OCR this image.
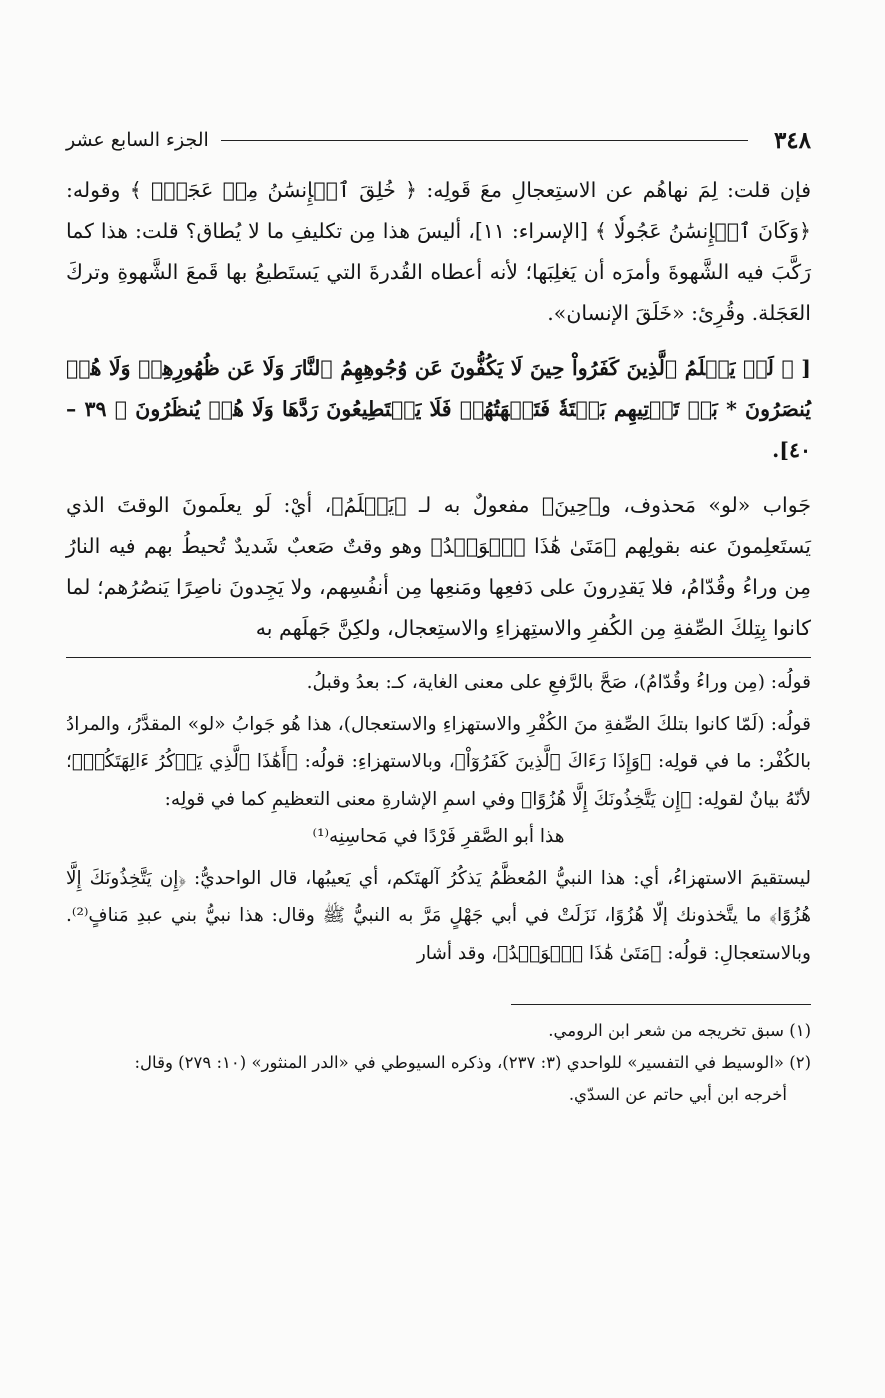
٣٤٨
الجزء السابع عشر

فإن قلت: لِمَ نهاهُم عن الاستِعجالِ معَ قَولِه: ﴿ خُلِقَ ٱلۡإِنسَٰنُ مِنۡ عَجَلٍۚ ﴾ وقوله: ﴿وَكَانَ ٱلۡإِنسَٰنُ عَجُولٗا ﴾ [الإسراء: ١١]، أليسَ هذا مِن تكليفِ ما لا يُطاق؟ قلت: هذا كما رَكَّبَ فيه الشَّهوةَ وأمرَه أن يَغلِبَها؛ لأنه أعطاه القُدرةَ التي يَستَطيعُ بها قَمعَ الشَّهوةِ وتركَ العَجَلة. وقُرِئ: «خَلَقَ الإنسان».

[ ﴿ لَوۡ يَعۡلَمُ ٱلَّذِينَ كَفَرُواْ حِينَ لَا يَكُفُّونَ عَن وُجُوهِهِمُ ٱلنَّارَ وَلَا عَن ظُهُورِهِمۡ وَلَا هُمۡ يُنصَرُونَ * بَلۡ تَأۡتِيهِم بَغۡتَةٗ فَتَبۡهَتُهُمۡ فَلَا يَسۡتَطِيعُونَ رَدَّهَا وَلَا هُمۡ يُنظَرُونَ ﴾ ٣٩ – ٤٠].

جَواب «لو» مَحذوف، و﴿حِينَ﴾ مفعولٌ به لـ ﴿يَعۡلَمُ﴾، أيْ: لَو يعلَمونَ الوقتَ الذي يَستَعلِمونَ عنه بقولِهم ﴿مَتَىٰ هَٰذَا ٱلۡوَعۡدُ﴾ وهو وقتٌ صَعبٌ شَديدٌ تُحيطُ بهم فيه النارُ مِن وراءُ وقُدّامُ، فلا يَقدِرونَ على دَفعِها ومَنعِها مِن أنفُسِهم، ولا يَجِدونَ ناصِرًا يَنصُرُهم؛ لما كانوا بِتِلكَ الصِّفةِ مِن الكُفرِ والاستِهزاءِ والاستِعجال، ولكِنَّ جَهلَهم به

قولُه: (مِن وراءُ وقُدّامُ)، صَحَّ بالرَّفعِ على معنى الغاية، كـ: بعدُ وقبلُ.

قولُه: (لَمّا كانوا بتلكَ الصِّفةِ منَ الكُفْرِ والاستهزاءِ والاستعجال)، هذا هُو جَوابُ «لو» المقدَّرُ، والمرادُ بالكُفْر: ما في قولِه: ﴿وَإِذَا رَءَاكَ ٱلَّذِينَ كَفَرُوٓاْ﴾، وبالاستهزاءِ: قولُه: ﴿أَهَٰذَا ٱلَّذِي يَذۡكُرُ ءَالِهَتَكُمۡ﴾؛ لأنّهُ بيانٌ لقولِه: ﴿إِن يَتَّخِذُونَكَ إِلَّا هُزُوًا﴾ وفي اسمِ الإشارةِ معنى التعظيمِ كما في قولِه:

هذا أبو الصَّقرِ فَرْدًا في مَحاسِنِه⁽¹⁾

ليستقيمَ الاستهزاءُ، أي: هذا النبيُّ المُعظَّمُ يَذكُرُ آلهتَكم، أي يَعيبُها، قال الواحديُّ: ﴿إِن يَتَّخِذُونَكَ إِلَّا هُزُوًا﴾ ما يتَّخذونك إلّا هُزُوًا، نَزَلَتْ في أبي جَهْلٍ مَرَّ به النبيُّ ﷺ وقال: هذا نبيُّ بني عبدِ مَنافٍ⁽²⁾. وبالاستعجالِ: قولُه: ﴿مَتَىٰ هَٰذَا ٱلۡوَعۡدُ﴾، وقد أشار

(١) سبق تخريجه من شعر ابن الرومي.

(٢) «الوسيط في التفسير» للواحدي (٣: ٢٣٧)، وذكره السيوطي في «الدر المنثور» (١٠: ٢٧٩) وقال:

أخرجه ابن أبي حاتم عن السدّي.
